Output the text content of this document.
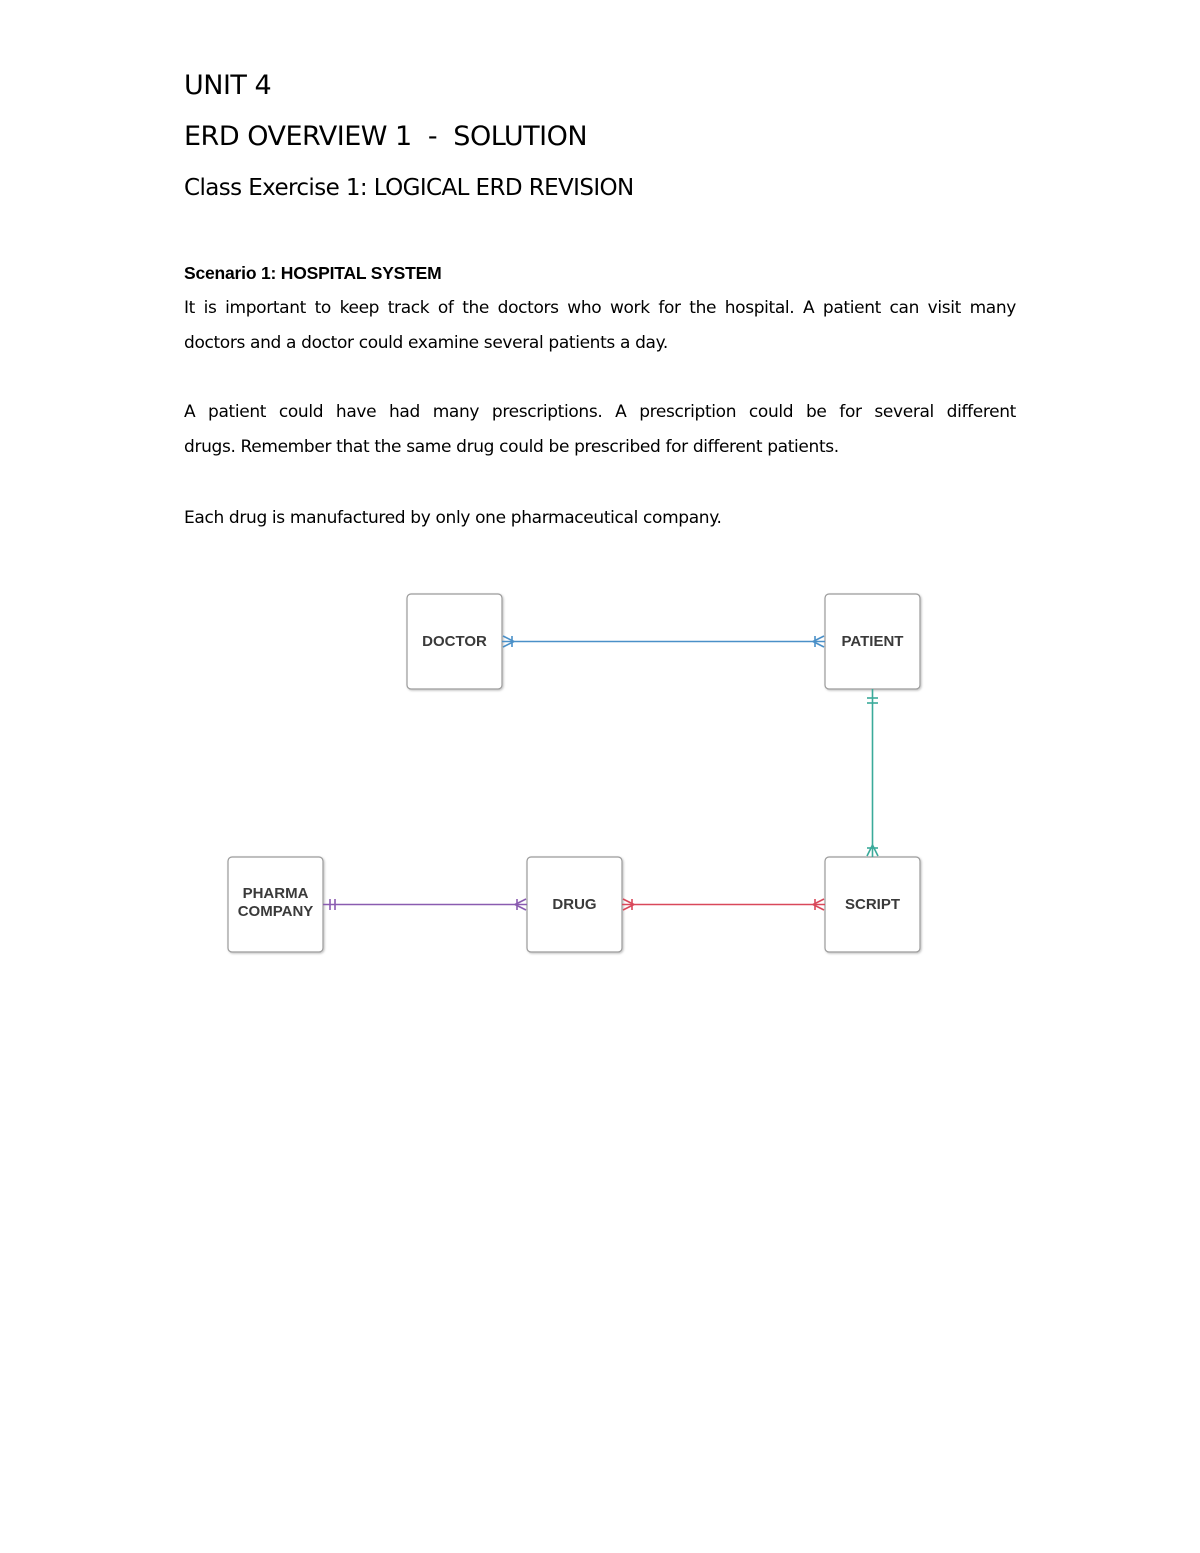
UNIT 4
ERD OVERVIEW 1  -  SOLUTION
Class Exercise 1: LOGICAL ERD REVISION

Scenario 1: HOSPITAL SYSTEM

It is important to keep track of the doctors who work for the hospital. A patient can visit many
doctors and a doctor could examine several patients a day.
A patient could have had many prescriptions. A prescription could be for several different
drugs. Remember that the same drug could be prescribed for different patients.
Each drug is manufactured by only one pharmaceutical company.
DOCTOR	PATIENT
SCRIPT
DRUG
PHARMA
COMPANY
